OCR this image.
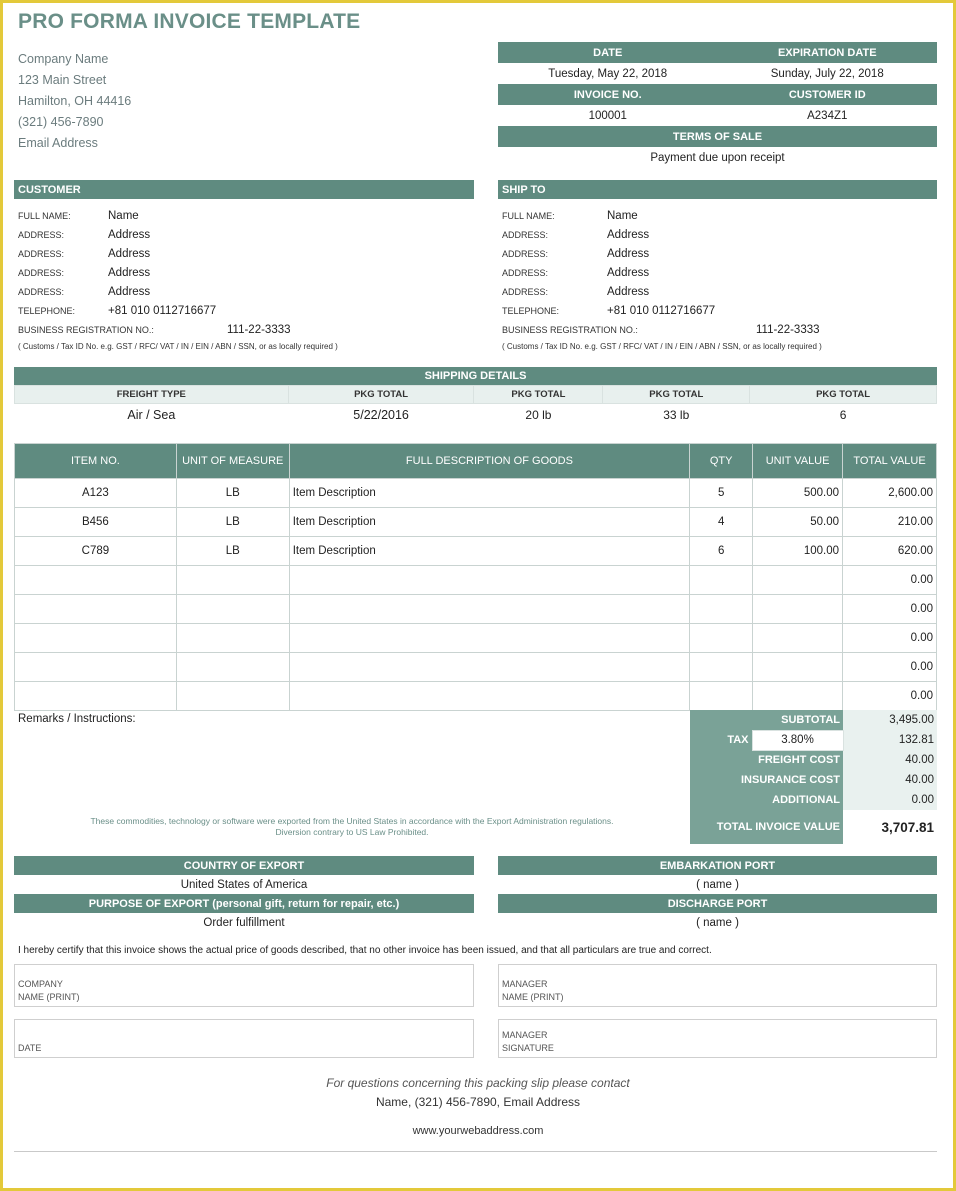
PRO FORMA INVOICE TEMPLATE
Company Name
123 Main Street
Hamilton, OH 44416
(321) 456-7890
Email Address
DATE	EXPIRATION DATE
Tuesday, May 22, 2018	Sunday, July 22, 2018
INVOICE NO.	CUSTOMER ID
100001	A234Z1
TERMS OF SALE
Payment due upon receipt
CUSTOMER
FULL NAME:	Name
ADDRESS:	Address
ADDRESS:	Address
ADDRESS:	Address
ADDRESS:	Address
TELEPHONE:	+81 010 0112716677
BUSINESS REGISTRATION NO.:	111-22-3333
( Customs / Tax ID No. e.g. GST / RFC/ VAT / IN / EIN / ABN / SSN, or as locally required )
SHIP TO
FULL NAME:	Name
ADDRESS:	Address
ADDRESS:	Address
ADDRESS:	Address
ADDRESS:	Address
TELEPHONE:	+81 010 0112716677
BUSINESS REGISTRATION NO.:	111-22-3333
( Customs / Tax ID No. e.g. GST / RFC/ VAT / IN / EIN / ABN / SSN, or as locally required )
SHIPPING DETAILS
FREIGHT TYPE	PKG TOTAL	PKG TOTAL	PKG TOTAL	PKG TOTAL
Air / Sea	5/22/2016	20 lb	33 lb	6
ITEM NO.	UNIT OF MEASURE	FULL DESCRIPTION OF GOODS	QTY	UNIT VALUE	TOTAL VALUE
A123	LB	Item Description	5	500.00	2,600.00
B456	LB	Item Description	4	50.00	210.00
C789	LB	Item Description	6	100.00	620.00
					0.00
					0.00
					0.00
					0.00
					0.00
Remarks / Instructions:
These commodities, technology or software were exported from the United States in accordance with the Export Administration regulations.
Diversion contrary to US Law Prohibited.
SUBTOTAL		3,495.00
TAX	3.80%	132.81
FREIGHT COST		40.00
INSURANCE COST		40.00
ADDITIONAL		0.00
TOTAL INVOICE VALUE		3,707.81
COUNTRY OF EXPORT
United States of America
PURPOSE OF EXPORT (personal gift, return for repair, etc.)
Order fulfillment
EMBARKATION PORT
( name )
DISCHARGE PORT
( name )
I hereby certify that this invoice shows the actual price of goods described, that no other invoice has been issued, and that all particulars are true and correct.
COMPANY
NAME (PRINT)
MANAGER
NAME (PRINT)
DATE
MANAGER
SIGNATURE
For questions concerning this packing slip please contact
Name, (321) 456-7890, Email Address
www.yourwebaddress.com
